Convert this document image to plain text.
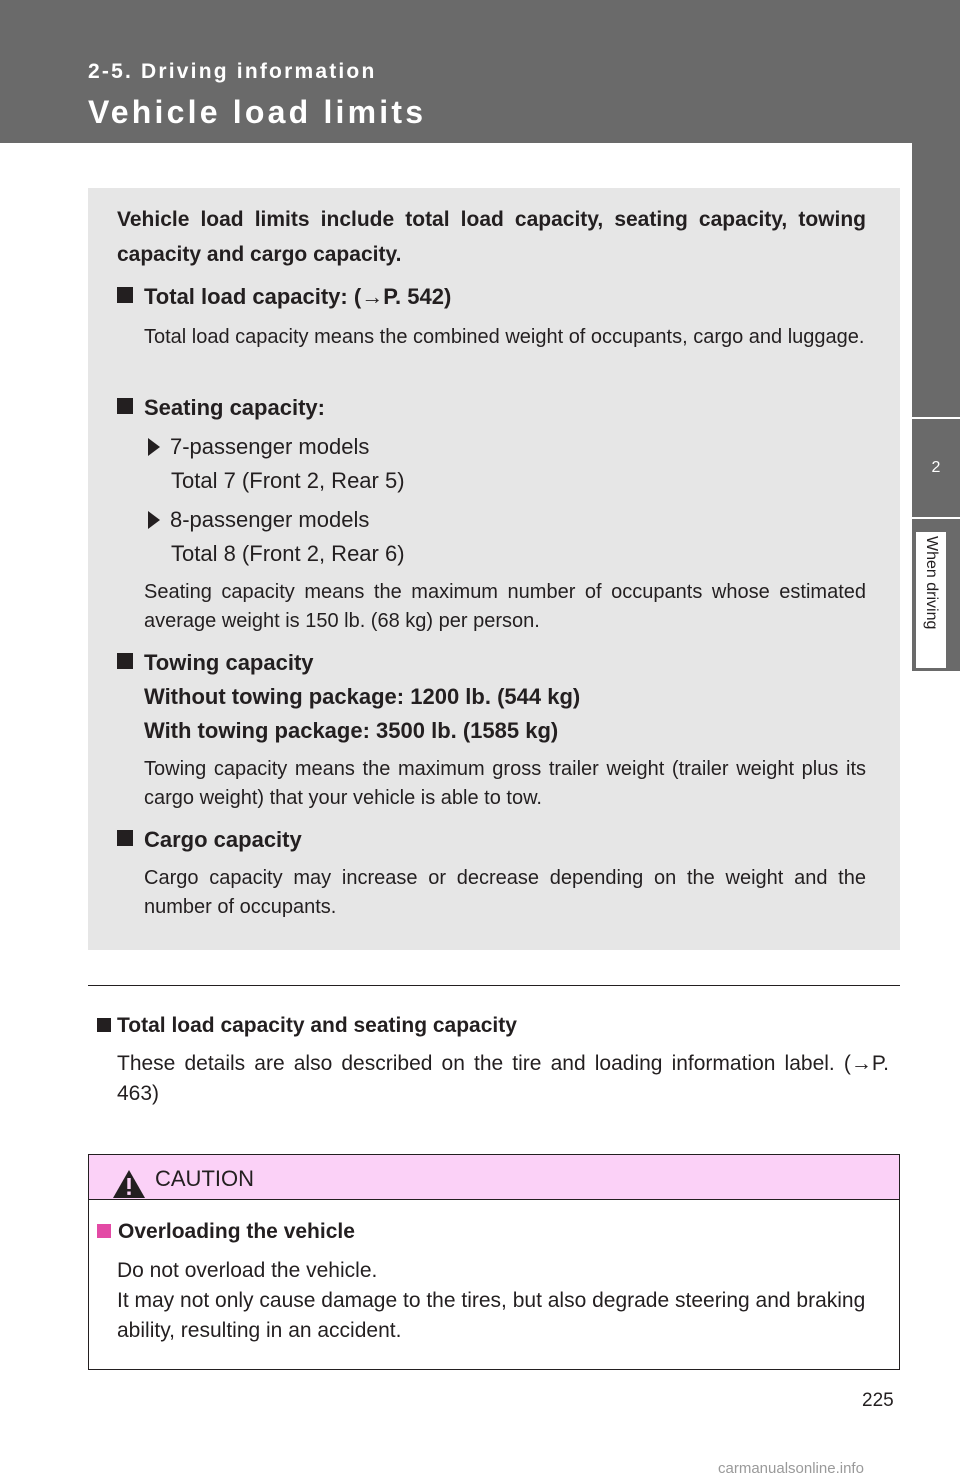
2-5. Driving information
Vehicle load limits
2
When driving
Vehicle load limits include total load capacity, seating capacity, towing capacity and cargo capacity.
Total load capacity: (→P. 542)
Total load capacity means the combined weight of occupants, cargo and luggage.
Seating capacity:
7-passenger models
Total 7 (Front 2, Rear 5)
8-passenger models
Total 8 (Front 2, Rear 6)
Seating capacity means the maximum number of occupants whose estimated average weight is 150 lb. (68 kg) per person.
Towing capacity
Without towing package: 1200 lb. (544 kg)
With towing package: 3500 lb. (1585 kg)
Towing capacity means the maximum gross trailer weight (trailer weight plus its cargo weight) that your vehicle is able to tow.
Cargo capacity
Cargo capacity may increase or decrease depending on the weight and the number of occupants.
Total load capacity and seating capacity
These details are also described on the tire and loading information label. (→P. 463)
CAUTION
Overloading the vehicle
Do not overload the vehicle.
It may not only cause damage to the tires, but also degrade steering and braking ability, resulting in an accident.
225
carmanualsonline.info
